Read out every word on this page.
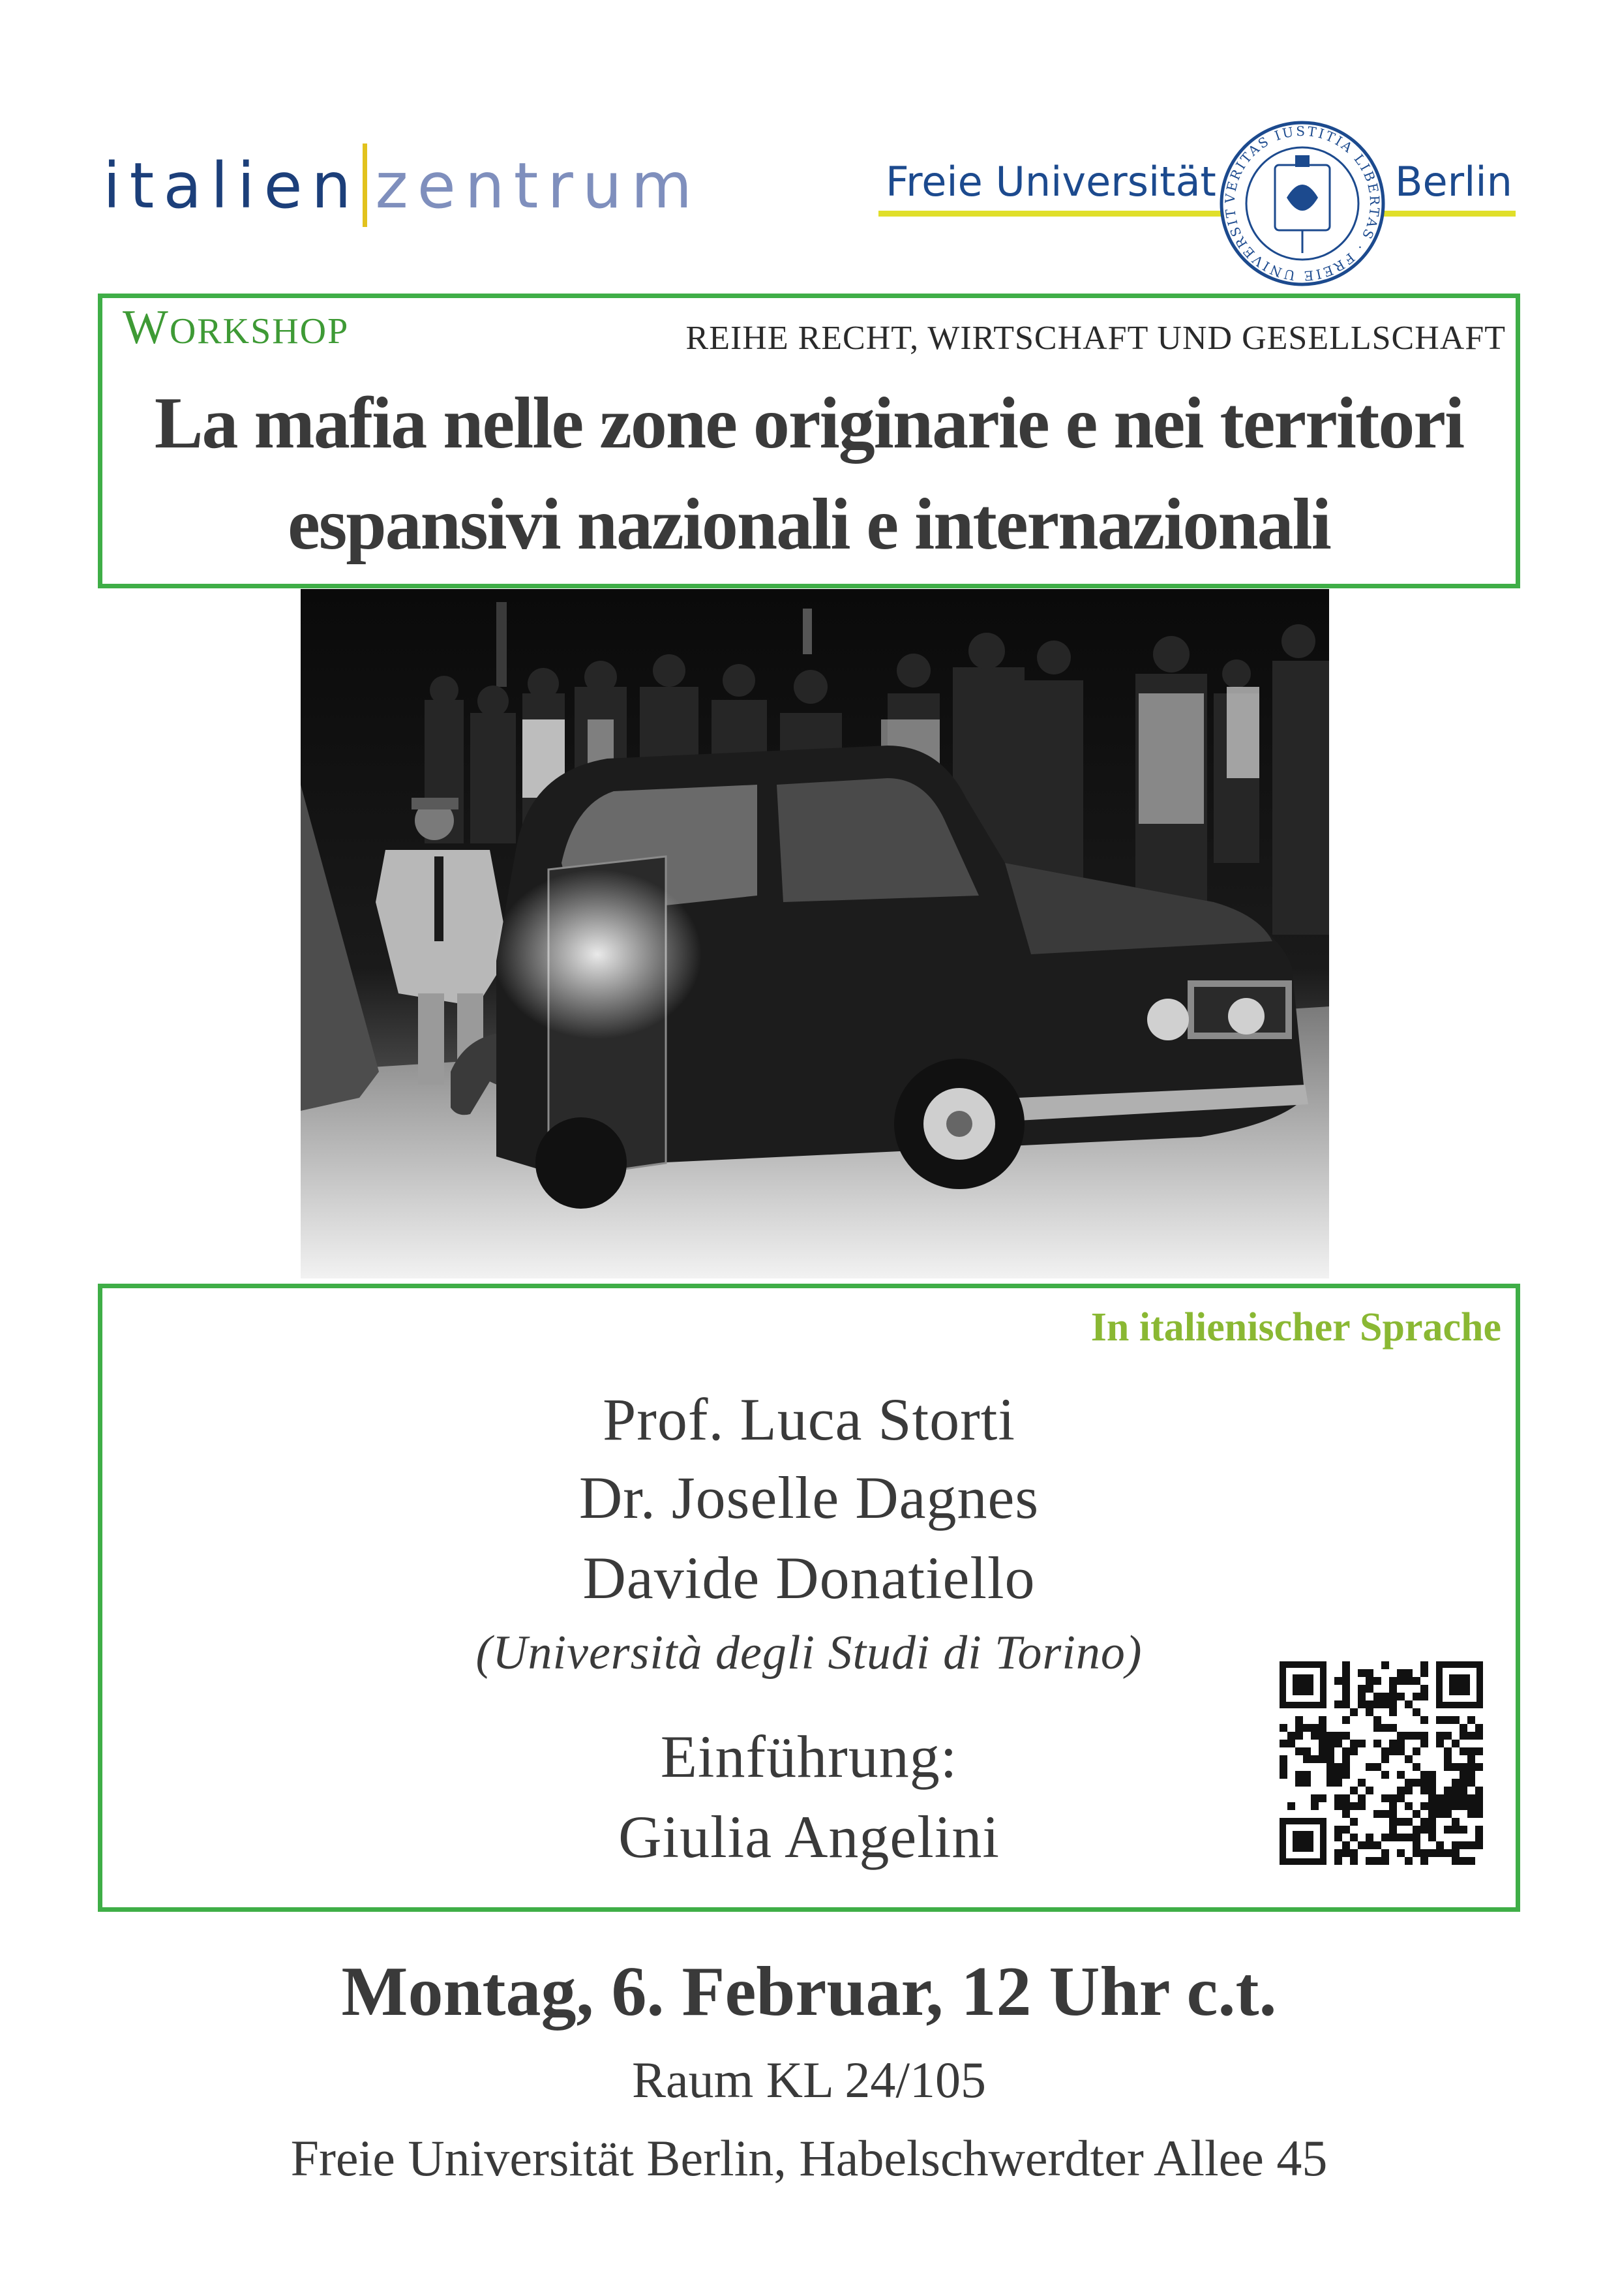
italien zentrum	Freie Universität	Berlin
VERITAS IUSTITIA LIBERTAS · FREIE UNIVERSIT
WORKSHOP	REIHE RECHT, WIRTSCHAFT UND GESELLSCHAFT
La mafia nelle zone originarie e nei territori
espansivi nazionali e internazionali
In italienischer Sprache
Prof. Luca Storti
Dr. Joselle Dagnes
Davide Donatiello
(Università degli Studi di Torino)
Einführung:
Giulia Angelini
Montag, 6. Februar, 12 Uhr c.t.
Raum KL 24/105
Freie Universität Berlin, Habelschwerdter Allee 45
